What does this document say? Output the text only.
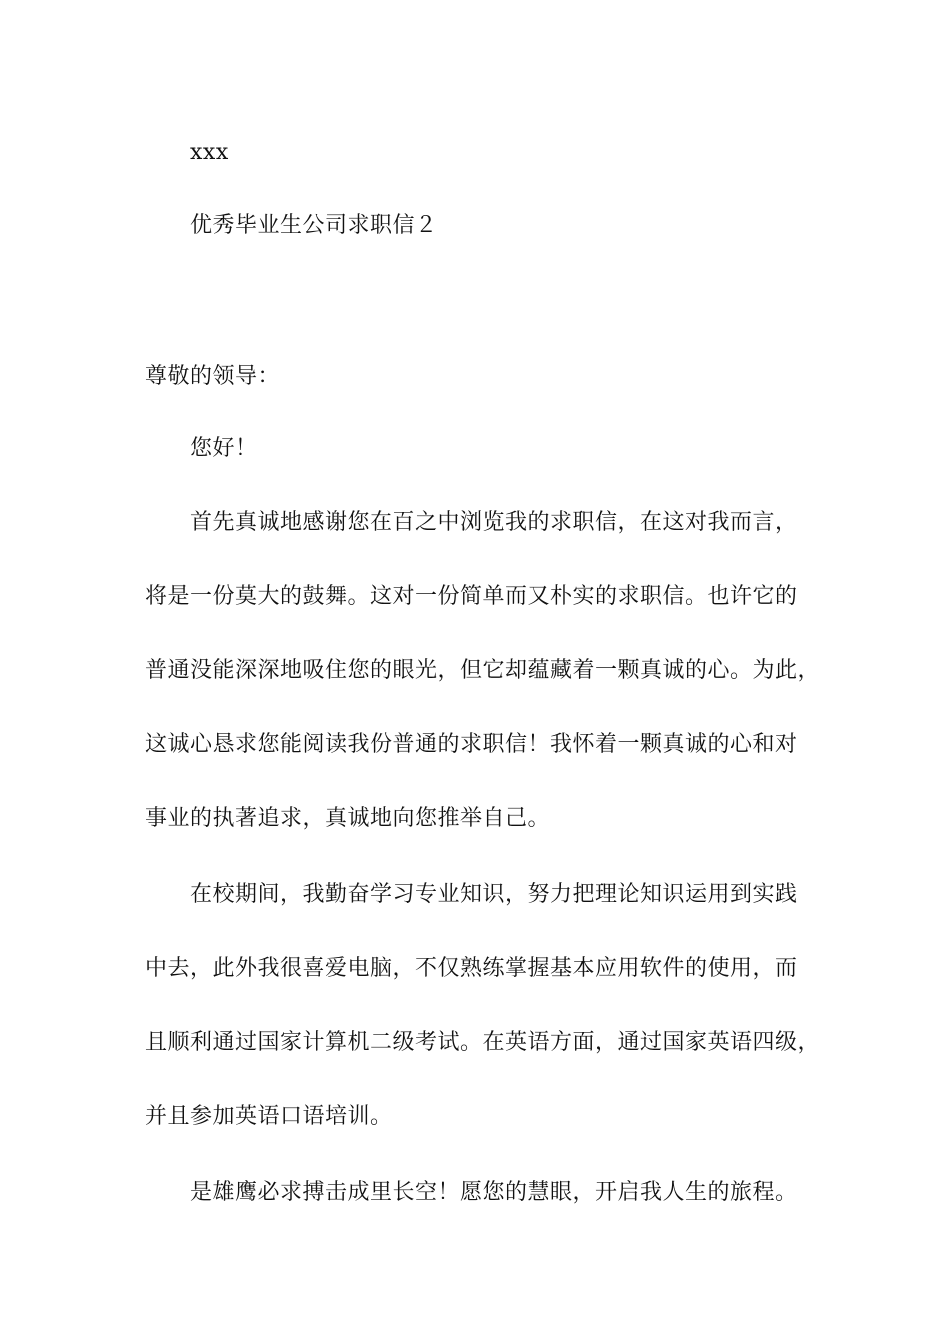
xxx
优秀毕业生公司求职信２
尊敬的领导：
您好！
首先真诚地感谢您在百之中浏览我的求职信，在这对我而言，
将是一份莫大的鼓舞。这对一份简单而又朴实的求职信。也许它的
普通没能深深地吸住您的眼光，但它却蕴藏着一颗真诚的心。为此，
这诚心恳求您能阅读我份普通的求职信！我怀着一颗真诚的心和对
事业的执著追求，真诚地向您推举自己。
在校期间，我勤奋学习专业知识，努力把理论知识运用到实践
中去，此外我很喜爱电脑，不仅熟练掌握基本应用软件的使用，而
且顺利通过国家计算机二级考试。在英语方面，通过国家英语四级，
并且参加英语口语培训。
是雄鹰必求搏击成里长空！愿您的慧眼，开启我人生的旅程。
